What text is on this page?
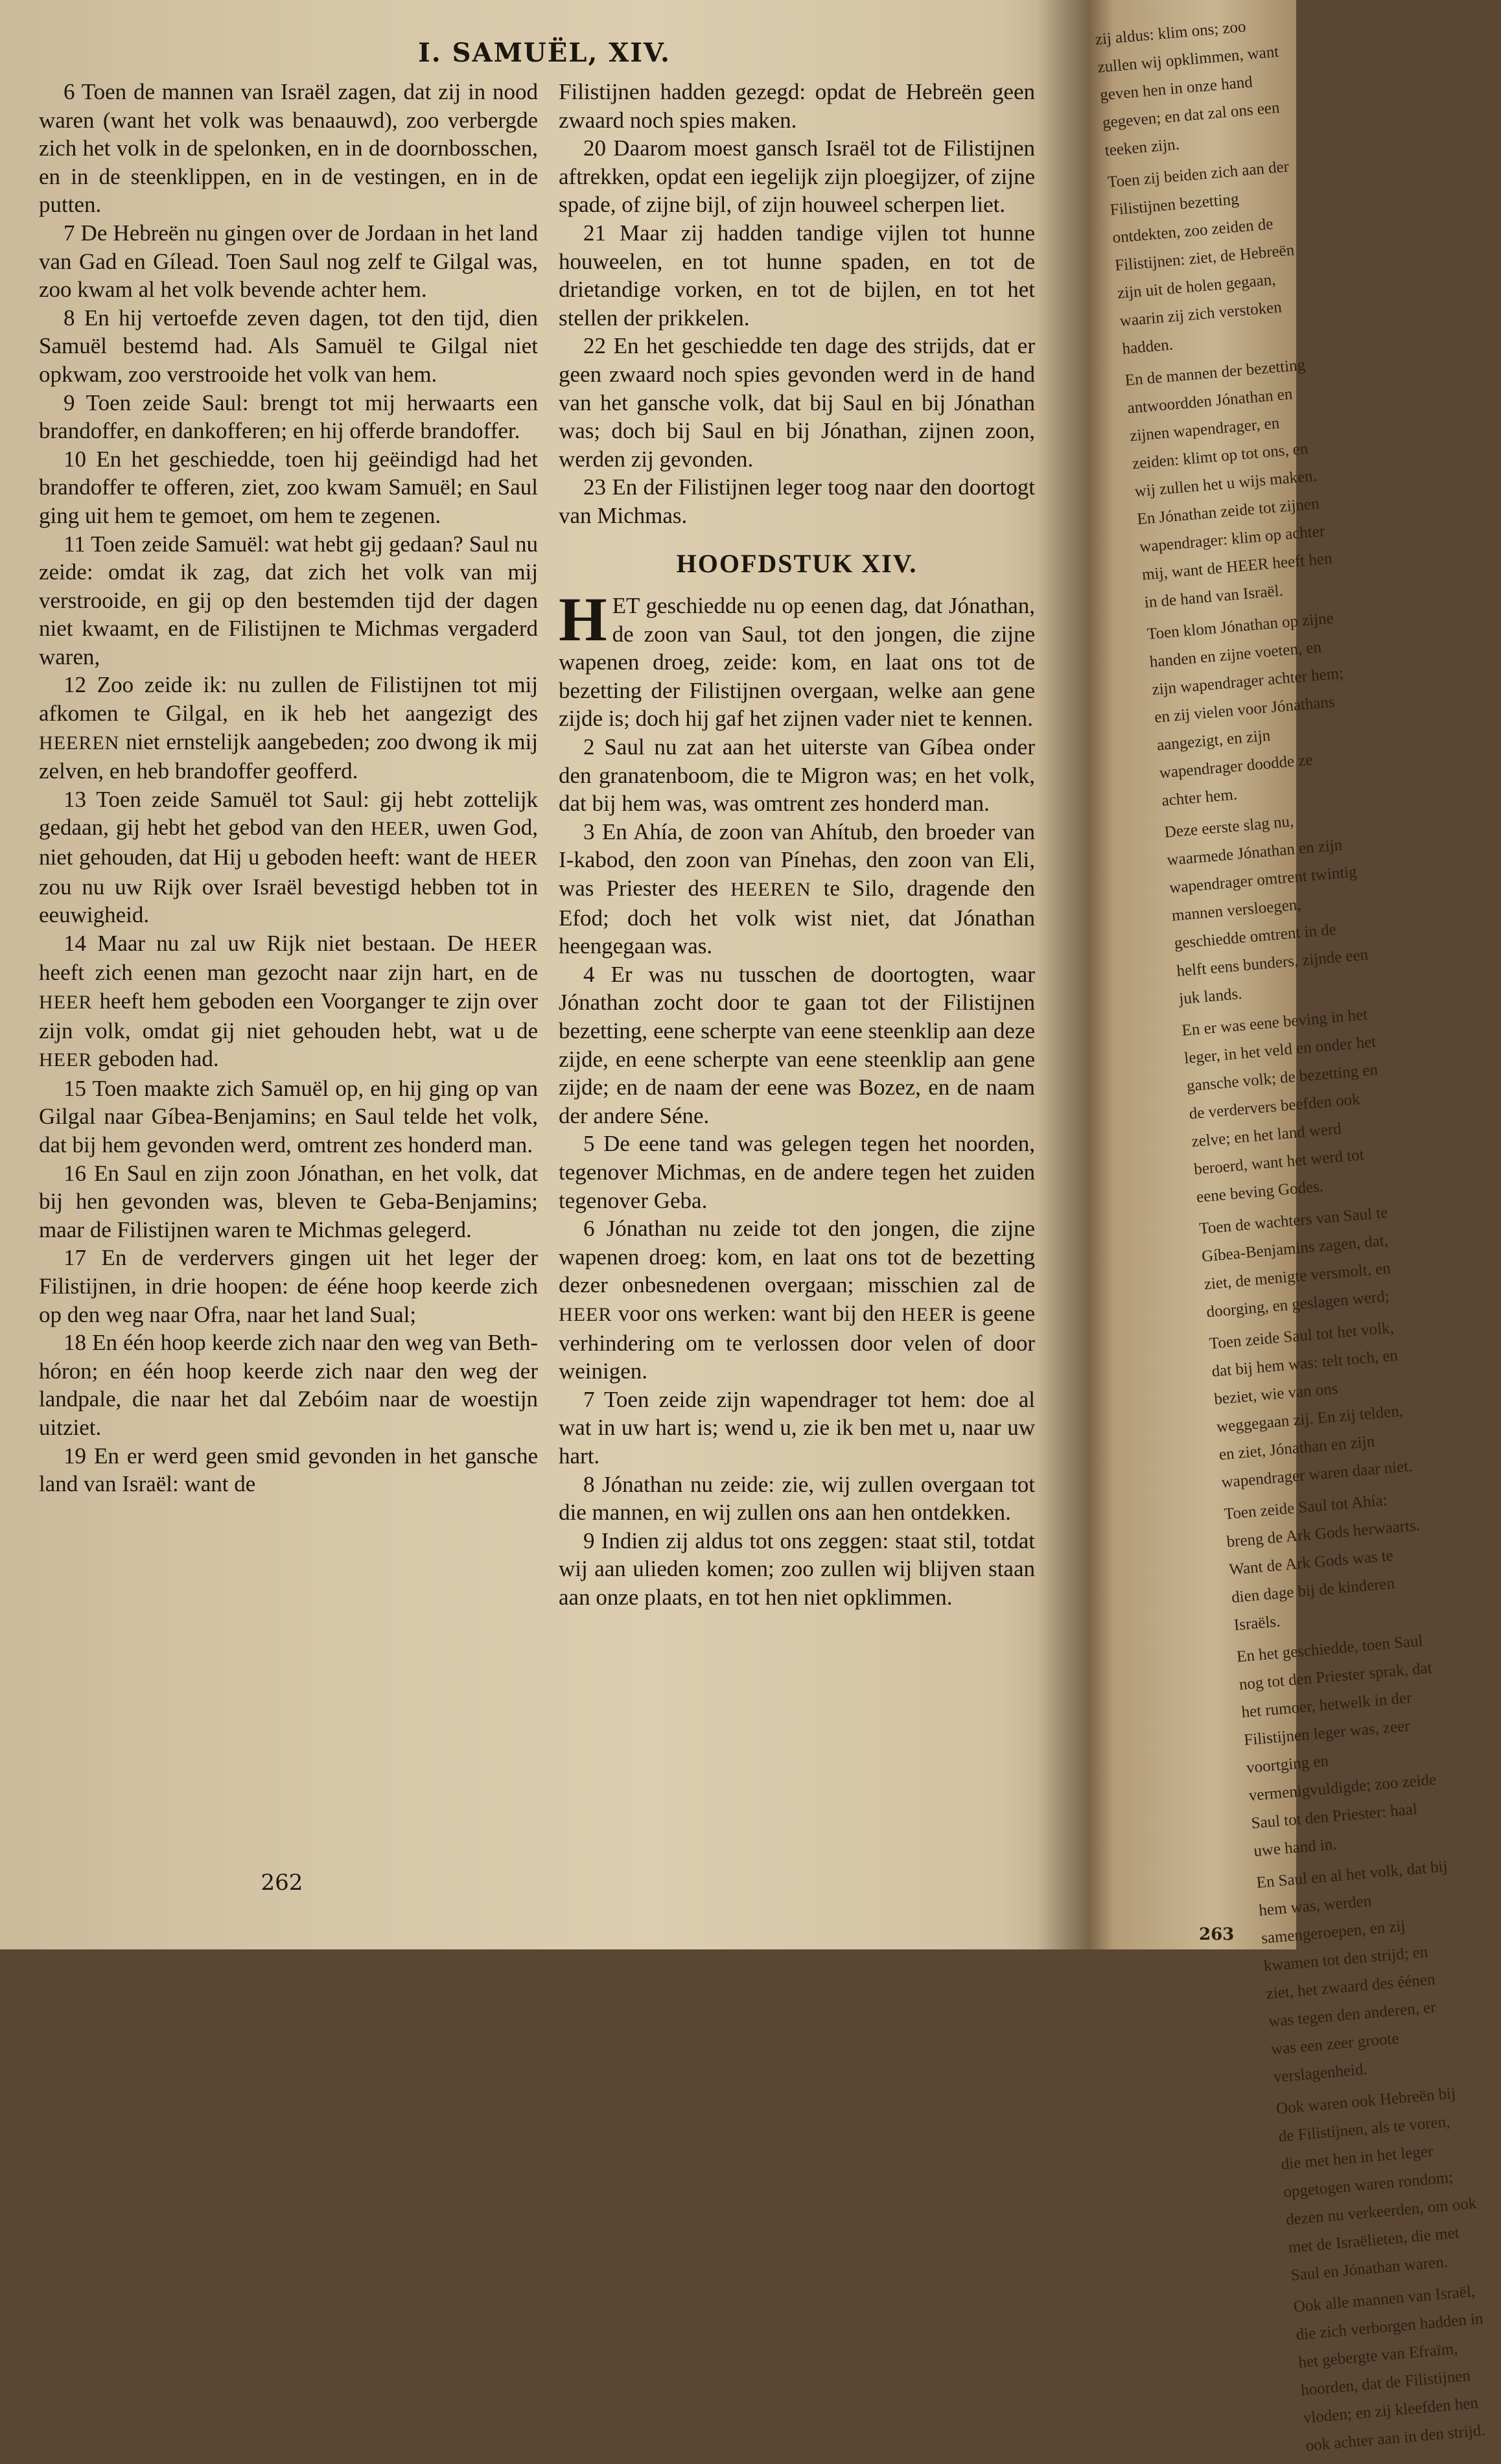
I. SAMUËL, XIV.

6 Toen de mannen van Israël zagen, dat zij in nood waren (want het volk was benaauwd), zoo verbergde zich het volk in de spelonken, en in de doornbosschen, en in de steenklippen, en in de vestingen, en in de putten.

7 De Hebreën nu gingen over de Jordaan in het land van Gad en Gílead. Toen Saul nog zelf te Gilgal was, zoo kwam al het volk bevende achter hem.

8 En hij vertoefde zeven dagen, tot den tijd, dien Samuël bestemd had. Als Samuël te Gilgal niet opkwam, zoo verstrooide het volk van hem.

9 Toen zeide Saul: brengt tot mij herwaarts een brandoffer, en dankofferen; en hij offerde brandoffer.

10 En het geschiedde, toen hij geëindigd had het brandoffer te offeren, ziet, zoo kwam Samuël; en Saul ging uit hem te gemoet, om hem te zegenen.

11 Toen zeide Samuël: wat hebt gij gedaan? Saul nu zeide: omdat ik zag, dat zich het volk van mij verstrooide, en gij op den bestemden tijd der dagen niet kwaamt, en de Filistijnen te Michmas vergaderd waren,

12 Zoo zeide ik: nu zullen de Filistijnen tot mij afkomen te Gilgal, en ik heb het aangezigt des HEEREN niet ernstelijk aangebeden; zoo dwong ik mij zelven, en heb brandoffer geofferd.

13 Toen zeide Samuël tot Saul: gij hebt zottelijk gedaan, gij hebt het gebod van den HEER, uwen God, niet gehouden, dat Hij u geboden heeft: want de HEER zou nu uw Rijk over Israël bevestigd hebben tot in eeuwigheid.

14 Maar nu zal uw Rijk niet bestaan. De HEER heeft zich eenen man gezocht naar zijn hart, en de HEER heeft hem geboden een Voorganger te zijn over zijn volk, omdat gij niet gehouden hebt, wat u de HEER geboden had.

15 Toen maakte zich Samuël op, en hij ging op van Gilgal naar Gíbea-Benjamins; en Saul telde het volk, dat bij hem gevonden werd, omtrent zes honderd man.

16 En Saul en zijn zoon Jónathan, en het volk, dat bij hen gevonden was, bleven te Geba-Benjamins; maar de Filistijnen waren te Michmas gelegerd.

17 En de verdervers gingen uit het leger der Filistijnen, in drie hoopen: de ééne hoop keerde zich op den weg naar Ofra, naar het land Sual;

18 En één hoop keerde zich naar den weg van Beth-hóron; en één hoop keerde zich naar den weg der landpale, die naar het dal Zebóim naar de woestijn uitziet.

19 En er werd geen smid gevonden in het gansche land van Israël: want de

Filistijnen hadden gezegd: opdat de Hebreën geen zwaard noch spies maken.

20 Daarom moest gansch Israël tot de Filistijnen aftrekken, opdat een iegelijk zijn ploegijzer, of zijne spade, of zijne bijl, of zijn houweel scherpen liet.

21 Maar zij hadden tandige vijlen tot hunne houweelen, en tot hunne spaden, en tot de drietandige vorken, en tot de bijlen, en tot het stellen der prikkelen.

22 En het geschiedde ten dage des strijds, dat er geen zwaard noch spies gevonden werd in de hand van het gansche volk, dat bij Saul en bij Jónathan was; doch bij Saul en bij Jónathan, zijnen zoon, werden zij gevonden.

23 En der Filistijnen leger toog naar den doortogt van Michmas.

HOOFDSTUK XIV.

HET geschiedde nu op eenen dag, dat Jónathan, de zoon van Saul, tot den jongen, die zijne wapenen droeg, zeide: kom, en laat ons tot de bezetting der Filistijnen overgaan, welke aan gene zijde is; doch hij gaf het zijnen vader niet te kennen.

2 Saul nu zat aan het uiterste van Gíbea onder den granatenboom, die te Migron was; en het volk, dat bij hem was, was omtrent zes honderd man.

3 En Ahía, de zoon van Ahítub, den broeder van I-kabod, den zoon van Pínehas, den zoon van Eli, was Priester des HEEREN te Silo, dragende den Efod; doch het volk wist niet, dat Jónathan heengegaan was.

4 Er was nu tusschen de doortogten, waar Jónathan zocht door te gaan tot der Filistijnen bezetting, eene scherpte van eene steenklip aan deze zijde, en eene scherpte van eene steenklip aan gene zijde; en de naam der eene was Bozez, en de naam der andere Séne.

5 De eene tand was gelegen tegen het noorden, tegenover Michmas, en de andere tegen het zuiden tegenover Geba.

6 Jónathan nu zeide tot den jongen, die zijne wapenen droeg: kom, en laat ons tot de bezetting dezer onbesnedenen overgaan; misschien zal de HEER voor ons werken: want bij den HEER is geene verhindering om te verlossen door velen of door weinigen.

7 Toen zeide zijn wapendrager tot hem: doe al wat in uw hart is; wend u, zie ik ben met u, naar uw hart.

8 Jónathan nu zeide: zie, wij zullen overgaan tot die mannen, en wij zullen ons aan hen ontdekken.

9 Indien zij aldus tot ons zeggen: staat stil, totdat wij aan ulieden komen; zoo zullen wij blijven staan aan onze plaats, en tot hen niet opklimmen.

262

zij aldus: klim ons; zoo zullen wij opklimmen, want geven hen in onze hand gegeven; en dat zal ons een teeken zijn.

Toen zij beiden zich aan der Filistijnen bezetting ontdekten, zoo zeiden de Filistijnen: ziet, de Hebreën zijn uit de holen gegaan, waarin zij zich verstoken hadden.

En de mannen der bezetting antwoordden Jónathan en zijnen wapendrager, en zeiden: klimt op tot ons, en wij zullen het u wijs maken. En Jónathan zeide tot zijnen wapendrager: klim op achter mij, want de HEER heeft hen in de hand van Israël.

Toen klom Jónathan op zijne handen en zijne voeten, en zijn wapendrager achter hem; en zij vielen voor Jónathans aangezigt, en zijn wapendrager doodde ze achter hem.

Deze eerste slag nu, waarmede Jónathan en zijn wapendrager omtrent twintig mannen versloegen, geschiedde omtrent in de helft eens bunders, zijnde een juk lands.

En er was eene beving in het leger, in het veld en onder het gansche volk; de bezetting en de verdervers beefden ook zelve; en het land werd beroerd, want het werd tot eene beving Godes.

Toen de wachters van Saul te Gíbea-Benjamins zagen, dat, ziet, de menigte versmolt, en doorging, en geslagen werd;

Toen zeide Saul tot het volk, dat bij hem was: telt toch, en beziet, wie van ons weggegaan zij. En zij telden, en ziet, Jónathan en zijn wapendrager waren daar niet.

Toen zeide Saul tot Ahía: breng de Ark Gods herwaarts. Want de Ark Gods was te dien dage bij de kinderen Israëls.

En het geschiedde, toen Saul nog tot den Priester sprak, dat het rumoer, hetwelk in der Filistijnen leger was, zeer voortging en vermenigvuldigde; zoo zeide Saul tot den Priester: haal uwe hand in.

En Saul en al het volk, dat bij hem was, werden samengeroepen, en zij kwamen tot den strijd; en ziet, het zwaard des éénen was tegen den anderen, er was een zeer groote verslagenheid.

Ook waren ook Hebreën bij de Filistijnen, als te voren, die met hen in het leger opgetogen waren rondom; dezen nu verkeerden, om ook met de Israëlieten, die met Saul en Jónathan waren.

Ook alle mannen van Israël, die zich verborgen hadden in het gebergte van Efraïm, hoorden, dat de Filistijnen vloden; en zij kleefden hen ook achter aan in den strijd.

263
